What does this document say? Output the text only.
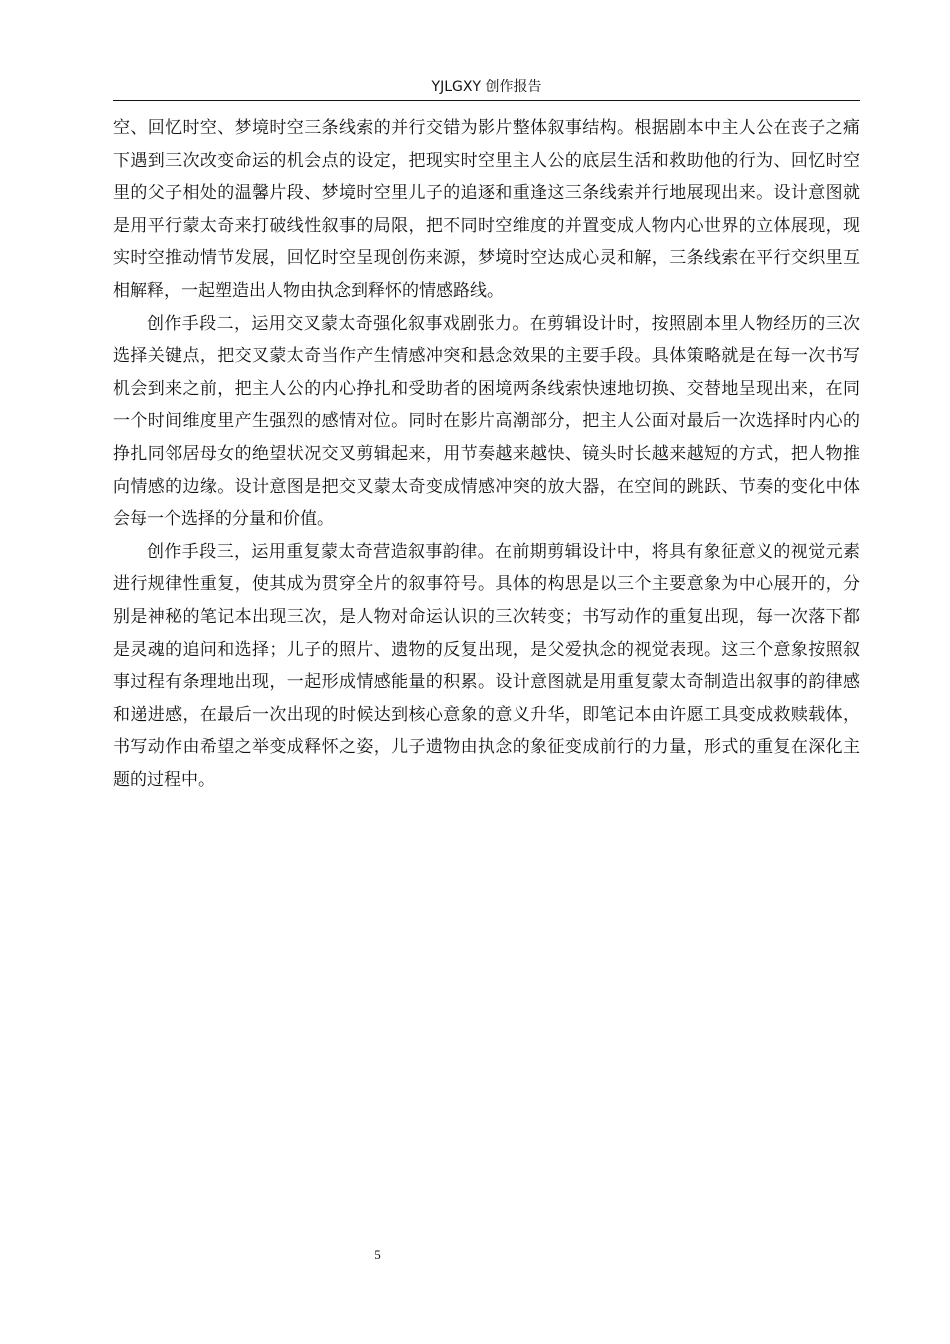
YJLGXY 创作报告

空、回忆时空、梦境时空三条线索的并行交错为影片整体叙事结构。根据剧本中主人公在丧子之痛下遇到三次改变命运的机会点的设定，把现实时空里主人公的底层生活和救助他的行为、回忆时空里的父子相处的温馨片段、梦境时空里儿子的追逐和重逢这三条线索并行地展现出来。设计意图就是用平行蒙太奇来打破线性叙事的局限，把不同时空维度的并置变成人物内心世界的立体展现，现实时空推动情节发展，回忆时空呈现创伤来源，梦境时空达成心灵和解，三条线索在平行交织里互相解释，一起塑造出人物由执念到释怀的情感路线。

创作手段二，运用交叉蒙太奇强化叙事戏剧张力。在剪辑设计时，按照剧本里人物经历的三次选择关键点，把交叉蒙太奇当作产生情感冲突和悬念效果的主要手段。具体策略就是在每一次书写机会到来之前，把主人公的内心挣扎和受助者的困境两条线索快速地切换、交替地呈现出来，在同一个时间维度里产生强烈的感情对位。同时在影片高潮部分，把主人公面对最后一次选择时内心的挣扎同邻居母女的绝望状况交叉剪辑起来，用节奏越来越快、镜头时长越来越短的方式，把人物推向情感的边缘。设计意图是把交叉蒙太奇变成情感冲突的放大器，在空间的跳跃、节奏的变化中体会每一个选择的分量和价值。

创作手段三，运用重复蒙太奇营造叙事韵律。在前期剪辑设计中，将具有象征意义的视觉元素进行规律性重复，使其成为贯穿全片的叙事符号。具体的构思是以三个主要意象为中心展开的，分别是神秘的笔记本出现三次，是人物对命运认识的三次转变；书写动作的重复出现，每一次落下都是灵魂的追问和选择；儿子的照片、遗物的反复出现，是父爱执念的视觉表现。这三个意象按照叙事过程有条理地出现，一起形成情感能量的积累。设计意图就是用重复蒙太奇制造出叙事的韵律感和递进感，在最后一次出现的时候达到核心意象的意义升华，即笔记本由许愿工具变成救赎载体，书写动作由希望之举变成释怀之姿，儿子遗物由执念的象征变成前行的力量，形式的重复在深化主题的过程中。

5
